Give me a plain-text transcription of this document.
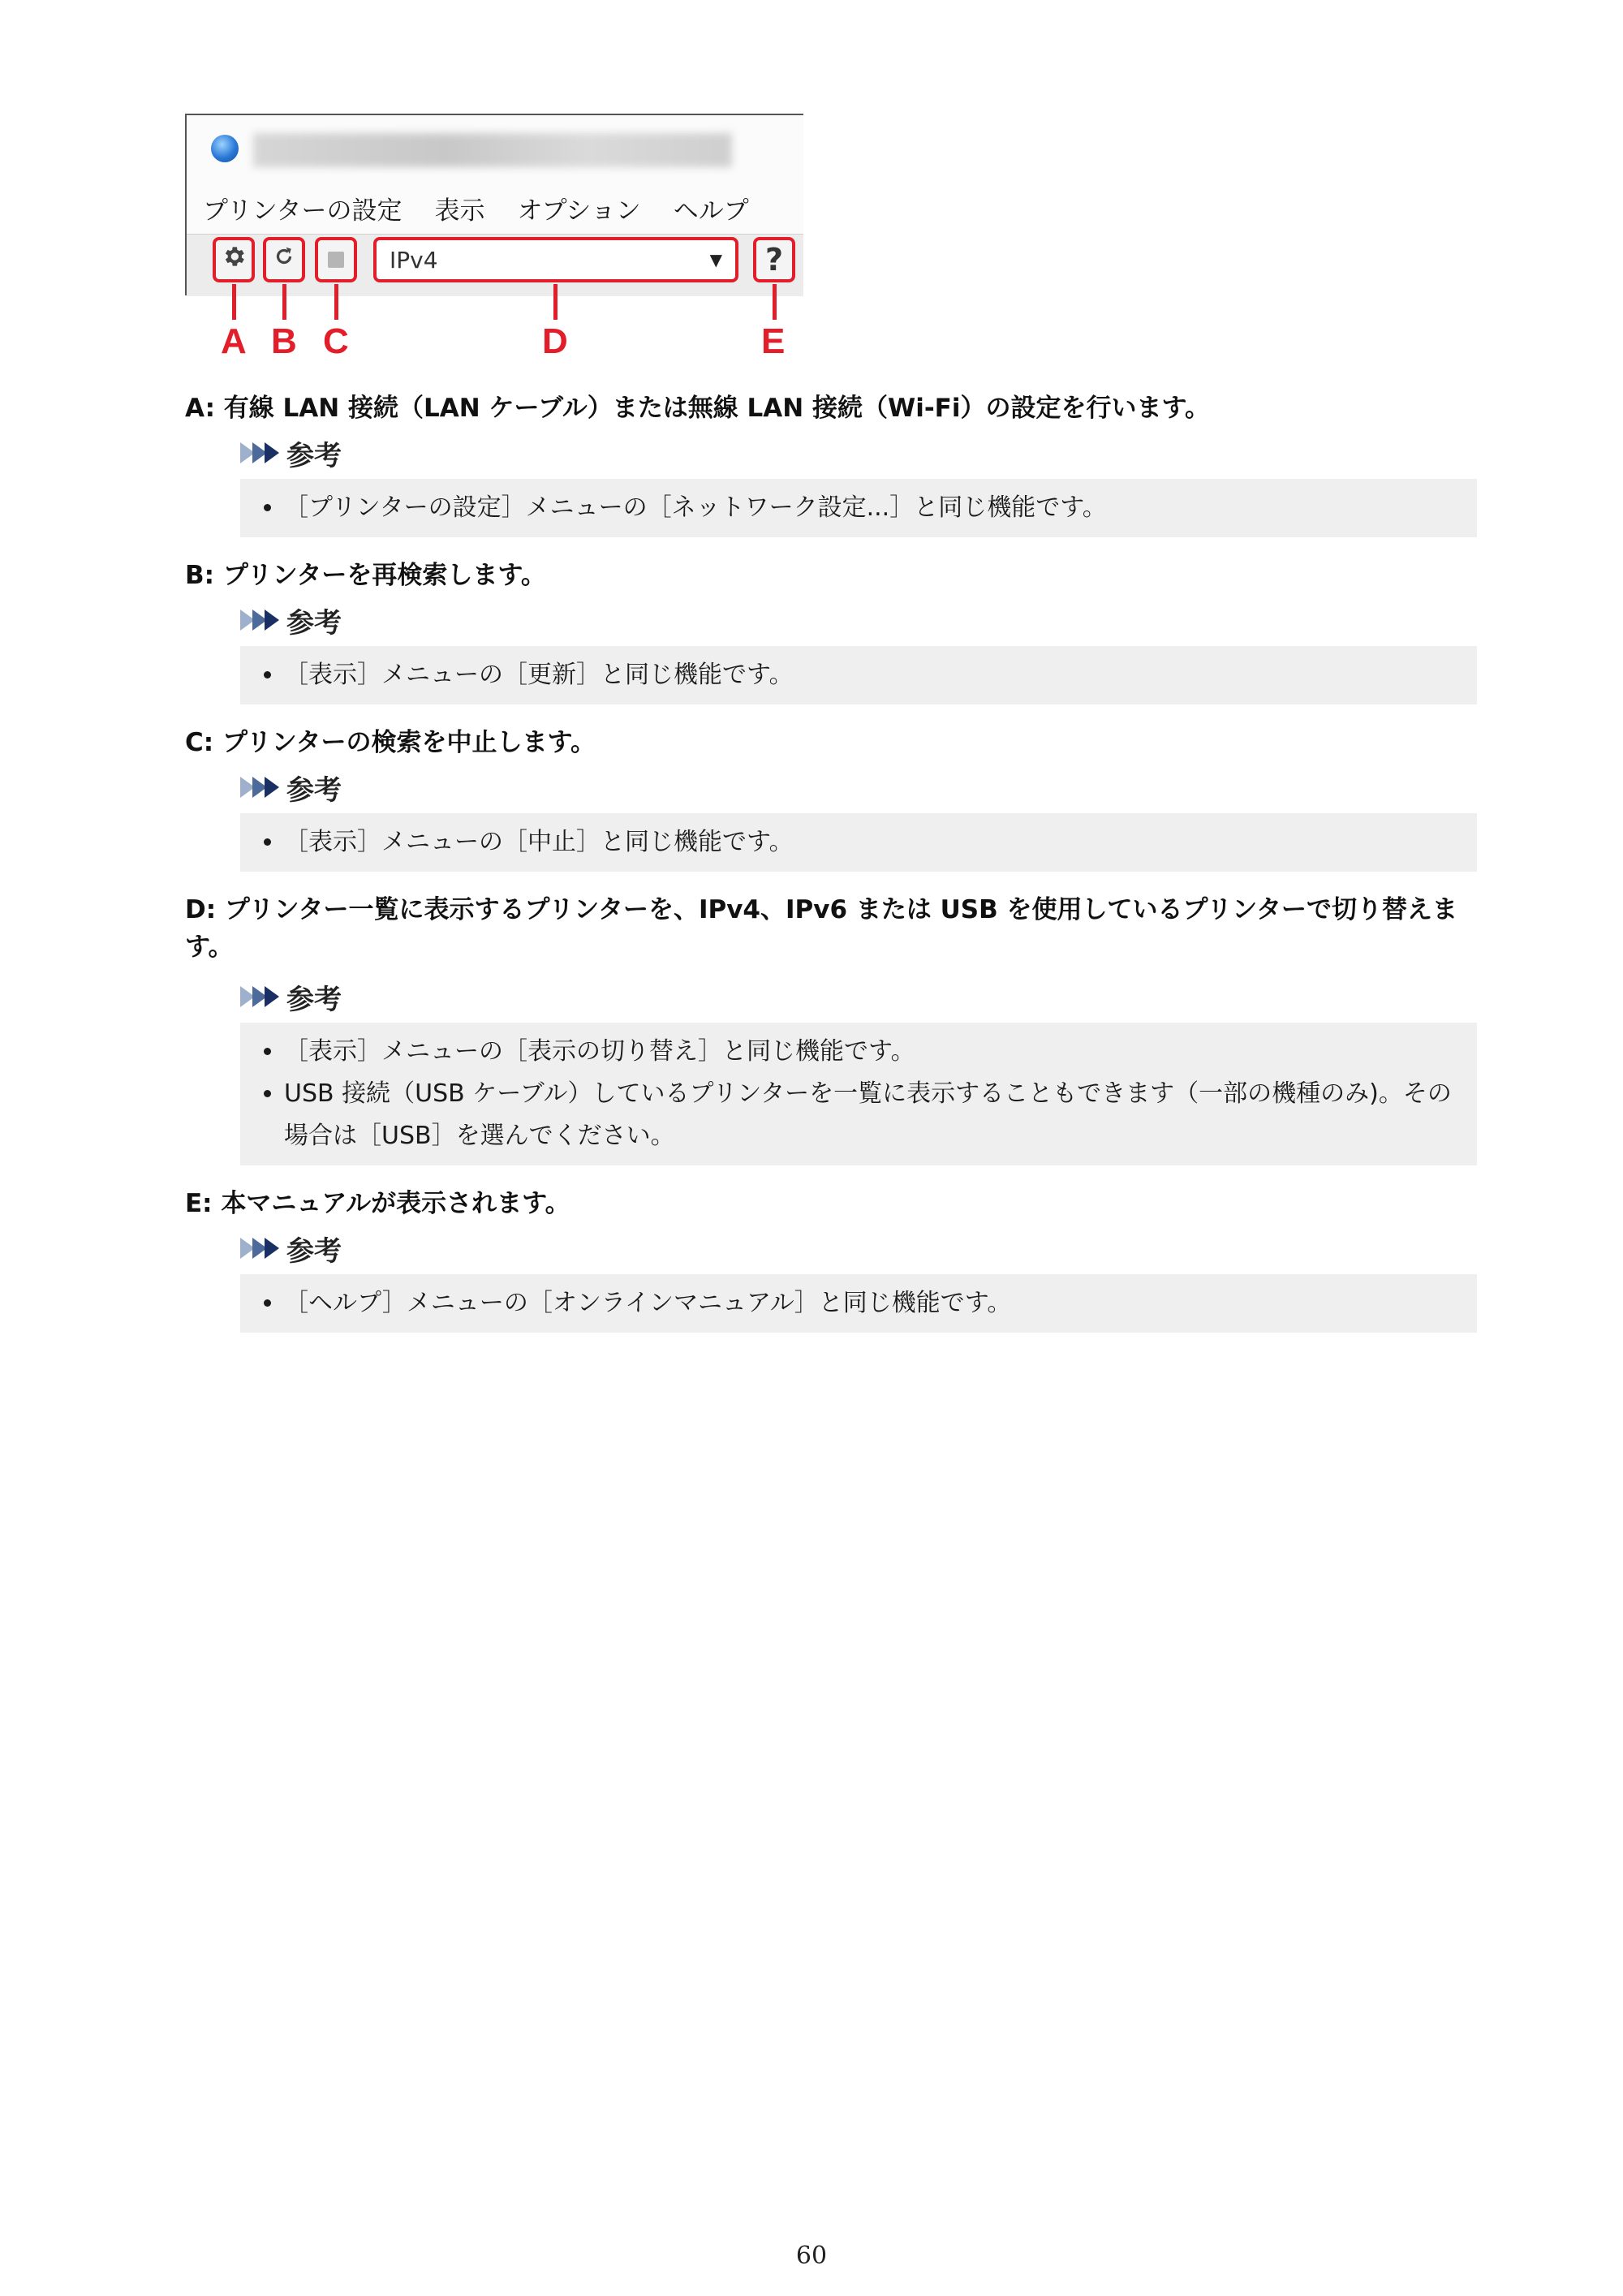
プリンターの設定 表示 オプション ヘルプ
IPv4	▼ ?
A B C	D	E
A: 有線 LAN 接続（LAN ケーブル）または無線 LAN 接続（Wi-Fi）の設定を行います。
参考
• ［プリンターの設定］メニューの［ネットワーク設定...］と同じ機能です。
B: プリンターを再検索します。
参考
• ［表示］メニューの［更新］と同じ機能です。
C: プリンターの検索を中止します。
参考
• ［表示］メニューの［中止］と同じ機能です。
D: プリンター一覧に表示するプリンターを、IPv4、IPv6 または USB を使用しているプリンターで切り替えます。
参考
• ［表示］メニューの［表示の切り替え］と同じ機能です。
• USB 接続（USB ケーブル）しているプリンターを一覧に表示することもできます（一部の機種のみ)。その場合は［USB］を選んでください。
E: 本マニュアルが表示されます。
参考
• ［ヘルプ］メニューの［オンラインマニュアル］と同じ機能です。
60
